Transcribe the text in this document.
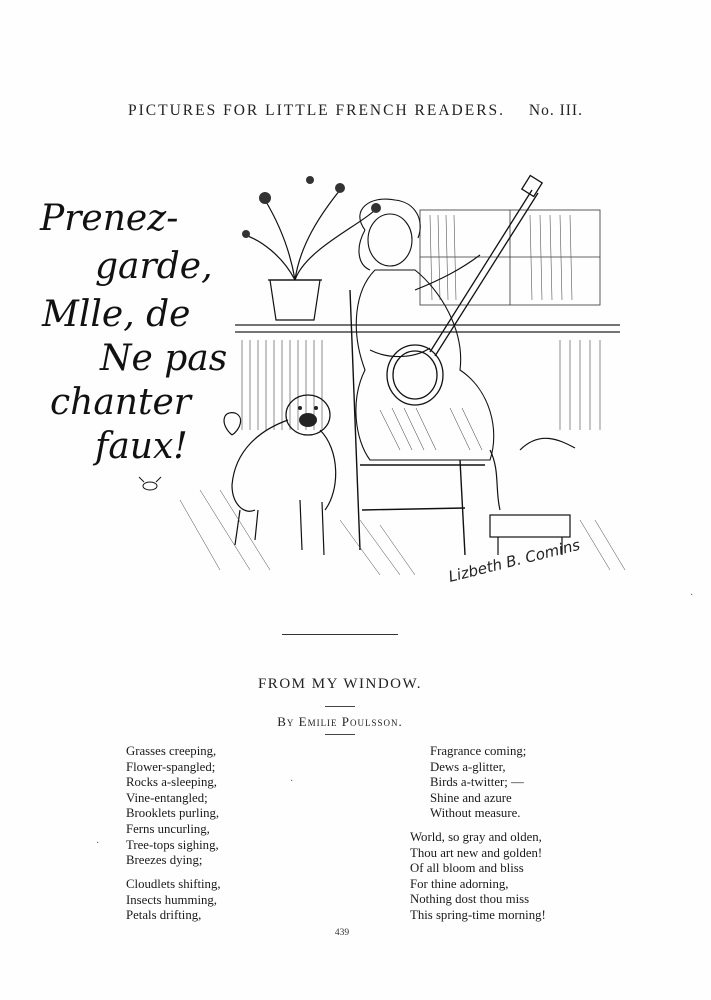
PICTURES FOR LITTLE FRENCH READERS. No. III.
Prenez-
garde,
Mlle, de
Ne pas
chanter
faux!
Lizbeth B. Comins
FROM MY WINDOW.
By Emilie Poulsson.
Grasses creeping,
Flower-spangled;
Rocks a-sleeping,
Vine-entangled;
Brooklets purling,
Ferns uncurling,
Tree-tops sighing,
Breezes dying;
Cloudlets shifting,
Insects humming,
Petals drifting,
Fragrance coming;
Dews a-glitter,
Birds a-twitter; —
Shine and azure
Without measure.
World, so gray and olden,
Thou art new and golden!
Of all bloom and bliss
For thine adorning,
Nothing dost thou miss
This spring-time morning!
439
·
·
·
